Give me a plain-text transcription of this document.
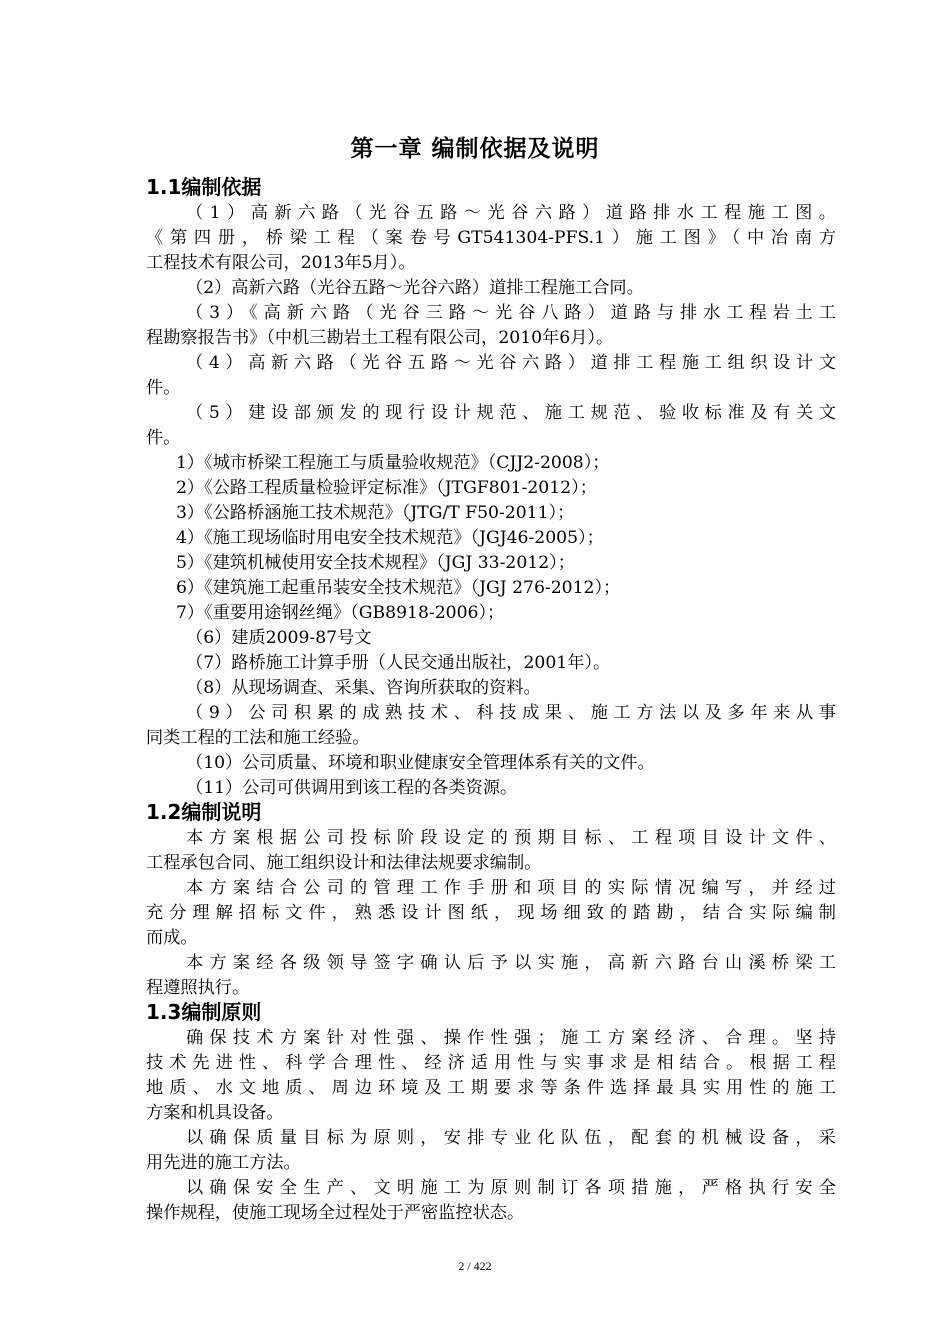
第一章 编制依据及说明
1.1编制依据
（1）高新六路（光谷五路～光谷六路）道路排水工程施工图。
《第四册，桥梁工程（案卷号GT541304-PFS.1）施工图》（中冶南方
工程技术有限公司，2013年5月）。
（2）高新六路（光谷五路～光谷六路）道排工程施工合同。
（3）《高新六路（光谷三路～光谷八路）道路与排水工程岩土工
程勘察报告书》（中机三勘岩土工程有限公司，2010年6月）。
（4）高新六路（光谷五路～光谷六路）道排工程施工组织设计文
件。
（5）建设部颁发的现行设计规范、施工规范、验收标准及有关文
件。
1）《城市桥梁工程施工与质量验收规范》（CJJ2-2008）；
2）《公路工程质量检验评定标准》（JTGF801-2012）；
3）《公路桥涵施工技术规范》（JTG/T F50-2011）；
4）《施工现场临时用电安全技术规范》（JGJ46-2005）；
5）《建筑机械使用安全技术规程》（JGJ 33-2012）；
6）《建筑施工起重吊装安全技术规范》（JGJ 276-2012）；
7）《重要用途钢丝绳》（GB8918-2006）；
（6）建质2009-87号文
（7）路桥施工计算手册（人民交通出版社，2001年）。
（8）从现场调查、采集、咨询所获取的资料。
（9）公司积累的成熟技术、科技成果、施工方法以及多年来从事
同类工程的工法和施工经验。
（10）公司质量、环境和职业健康安全管理体系有关的文件。
（11）公司可供调用到该工程的各类资源。
1.2编制说明
本方案根据公司投标阶段设定的预期目标、工程项目设计文件、
工程承包合同、施工组织设计和法律法规要求编制。
本方案结合公司的管理工作手册和项目的实际情况编写，并经过
充分理解招标文件，熟悉设计图纸，现场细致的踏勘，结合实际编制
而成。
本方案经各级领导签字确认后予以实施，高新六路台山溪桥梁工
程遵照执行。
1.3编制原则
确保技术方案针对性强、操作性强；施工方案经济、合理。坚持
技术先进性、科学合理性、经济适用性与实事求是相结合。根据工程
地质、水文地质、周边环境及工期要求等条件选择最具实用性的施工
方案和机具设备。
以确保质量目标为原则，安排专业化队伍，配套的机械设备，采
用先进的施工方法。
以确保安全生产、文明施工为原则制订各项措施，严格执行安全
操作规程，使施工现场全过程处于严密监控状态。
2 / 422
